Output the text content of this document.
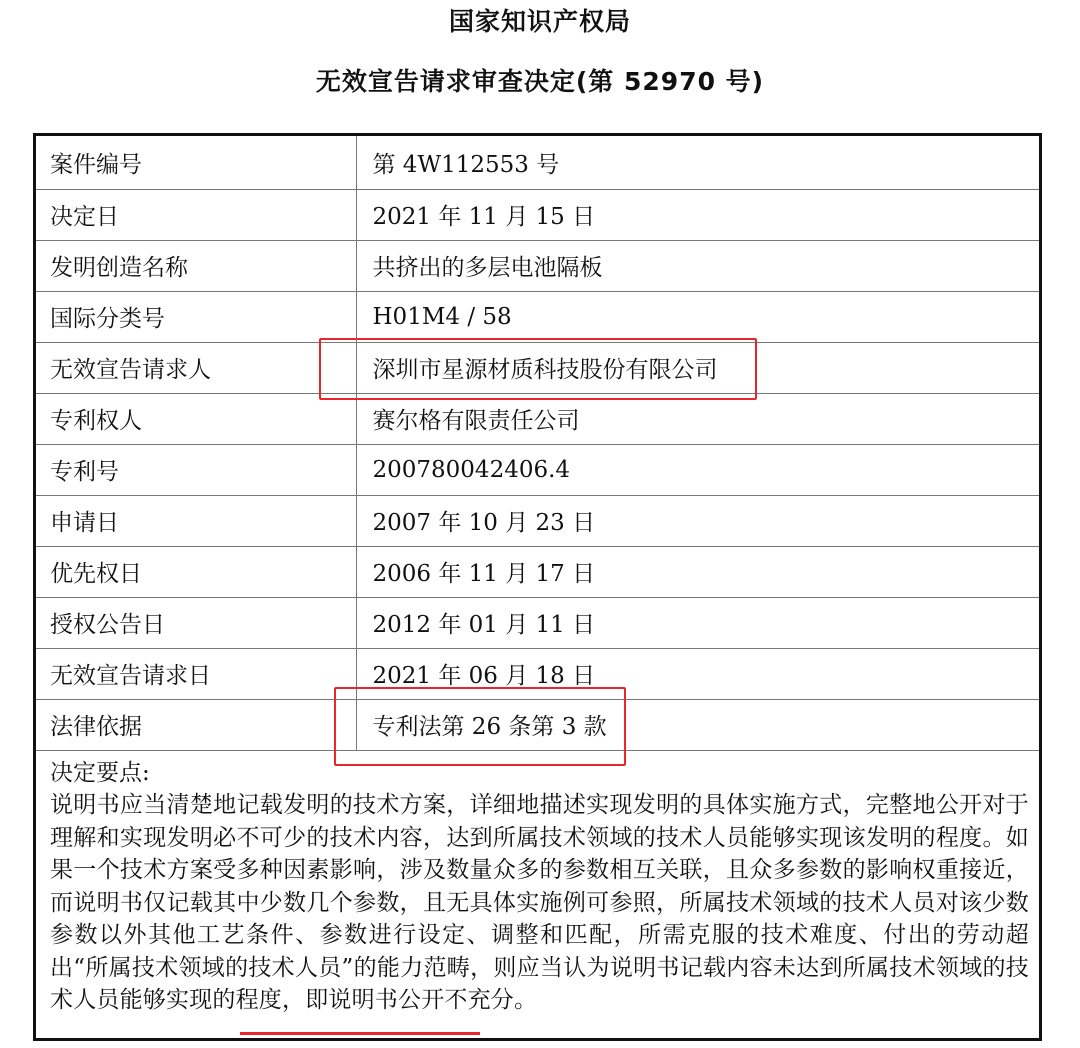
国家知识产权局
无效宣告请求审查决定(第 52970 号)
案件编号	第 4W112553 号
决定日	2021 年 11 月 15 日
发明创造名称	共挤出的多层电池隔板
国际分类号	H01M4 / 58
无效宣告请求人	深圳市星源材质科技股份有限公司
专利权人	赛尔格有限责任公司
专利号	200780042406.4
申请日	2007 年 10 月 23 日
优先权日	2006 年 11 月 17 日
授权公告日	2012 年 01 月 11 日
无效宣告请求日	2021 年 06 月 18 日
法律依据	专利法第 26 条第 3 款
决定要点:
说明书应当清楚地记载发明的技术方案，详细地描述实现发明的具体实施方式，完整地公开对于理解和实现发明必不可少的技术内容，达到所属技术领域的技术人员能够实现该发明的程度。如果一个技术方案受多种因素影响，涉及数量众多的参数相互关联，且众多参数的影响权重接近，而说明书仅记载其中少数几个参数，且无具体实施例可参照，所属技术领域的技术人员对该少数参数以外其他工艺条件、参数进行设定、调整和匹配，所需克服的技术难度、付出的劳动超出“所属技术领域的技术人员”的能力范畴，则应当认为说明书记载内容未达到所属技术领域的技术人员能够实现的程度，即说明书公开不充分。
